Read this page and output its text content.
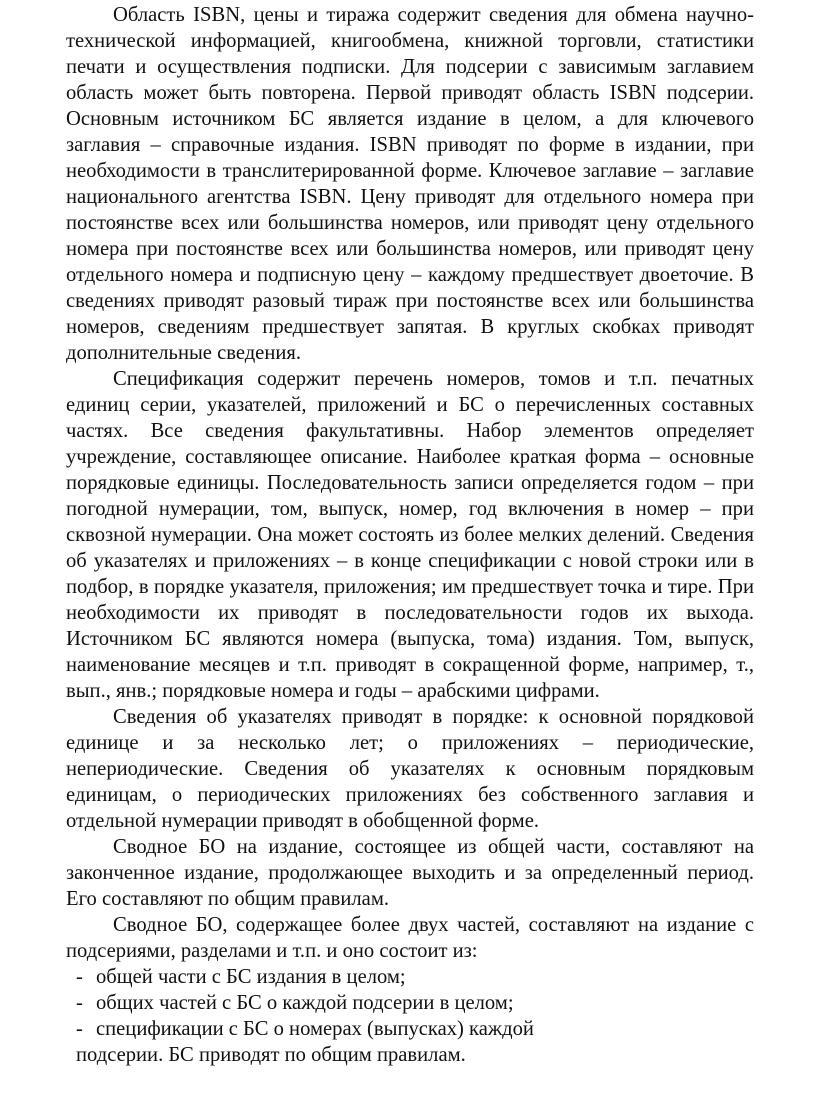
Область ISBN, цены и тиража содержит сведения для обмена научно-технической информацией, книгообмена, книжной торговли, статистики печати и осуществления подписки. Для подсерии с зависимым заглавием область может быть повторена. Первой приводят область ISBN подсерии. Основным источником БС является издание в целом, а для ключевого заглавия – справочные издания. ISBN приводят по форме в издании, при необходимости в транслитерированной форме. Ключевое заглавие – заглавие национального агентства ISBN. Цену приводят для отдельного номера при постоянстве всех или большинства номеров, или приводят цену отдельного номера при постоянстве всех или большинства номеров, или приводят цену отдельного номера и подписную цену – каждому предшествует двоеточие. В сведениях приводят разовый тираж при постоянстве всех или большинства номеров, сведениям предшествует запятая. В круглых скобках приводят дополнительные сведения.

Спецификация содержит перечень номеров, томов и т.п. печатных единиц серии, указателей, приложений и БС о перечисленных составных частях. Все сведения факультативны. Набор элементов определяет учреждение, составляющее описание. Наиболее краткая форма – основные порядковые единицы. Последовательность записи определяется годом – при погодной нумерации, том, выпуск, номер, год включения в номер – при сквозной нумерации. Она может состоять из более мелких делений. Сведения об указателях и приложениях – в конце спецификации с новой строки или в подбор, в порядке указателя, приложения; им предшествует точка и тире. При необходимости их приводят в последовательности годов их выхода. Источником БС являются номера (выпуска, тома) издания. Том, выпуск, наименование месяцев и т.п. приводят в сокращенной форме, например, т., вып., янв.; порядковые номера и годы – арабскими цифрами.

Сведения об указателях приводят в порядке: к основной порядковой единице и за несколько лет; о приложениях – периодические, непериодические. Сведения об указателях к основным порядковым единицам, о периодических приложениях без собственного заглавия и отдельной нумерации приводят в обобщенной форме.

Сводное БО на издание, состоящее из общей части, составляют на законченное издание, продолжающее выходить и за определенный период. Его составляют по общим правилам.

Сводное БО, содержащее более двух частей, составляют на издание с подсериями, разделами и т.п. и оно состоит из:

- общей части с БС издания в целом;
- общих частей с БС о каждой подсерии в целом;
- спецификации с БС о номерах (выпусках) каждой

подсерии. БС приводят по общим правилам.
